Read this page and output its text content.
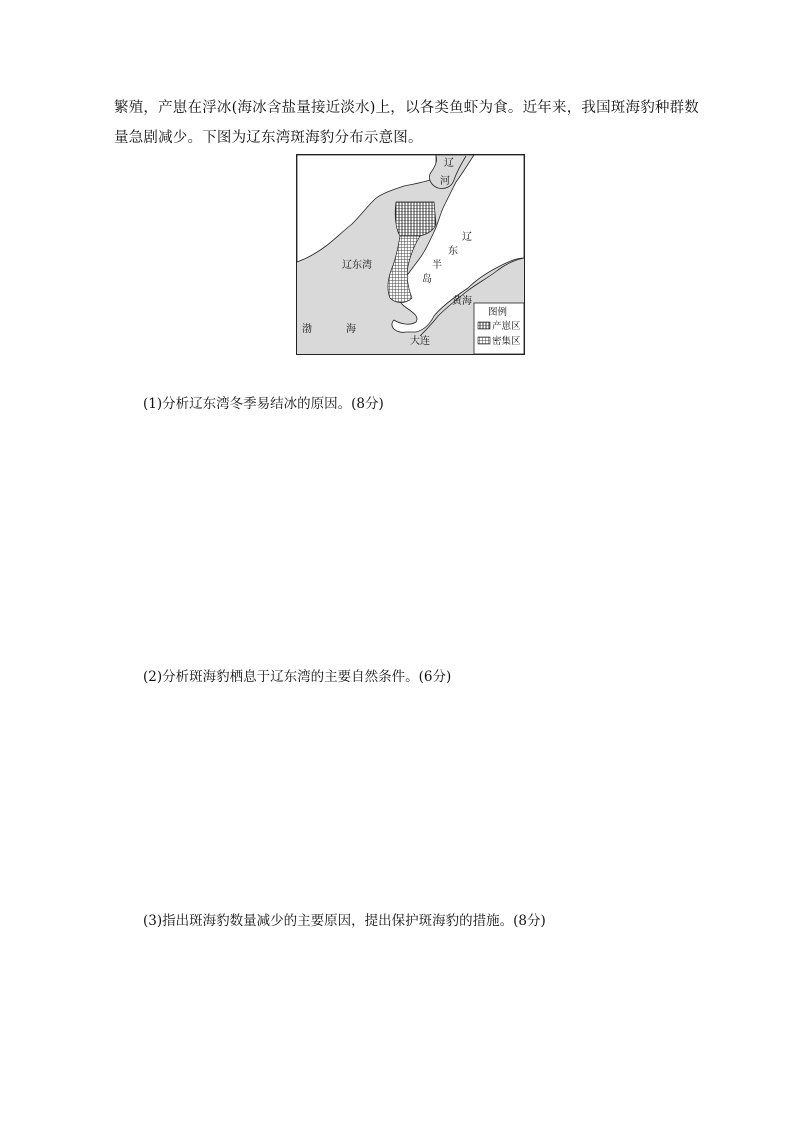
繁殖，产崽在浮冰(海冰含盐量接近淡水)上，以各类鱼虾为食。近年来，我国斑海豹种群数

量急剧减少。下图为辽东湾斑海豹分布示意图。

图例
产崽区
密集区
辽
河
辽东湾
辽
东
半
岛
黄海
渤	海
大连
(1)分析辽东湾冬季易结冰的原因。(8分)
(2)分析斑海豹栖息于辽东湾的主要自然条件。(6分)
(3)指出斑海豹数量减少的主要原因，提出保护斑海豹的措施。(8分)
